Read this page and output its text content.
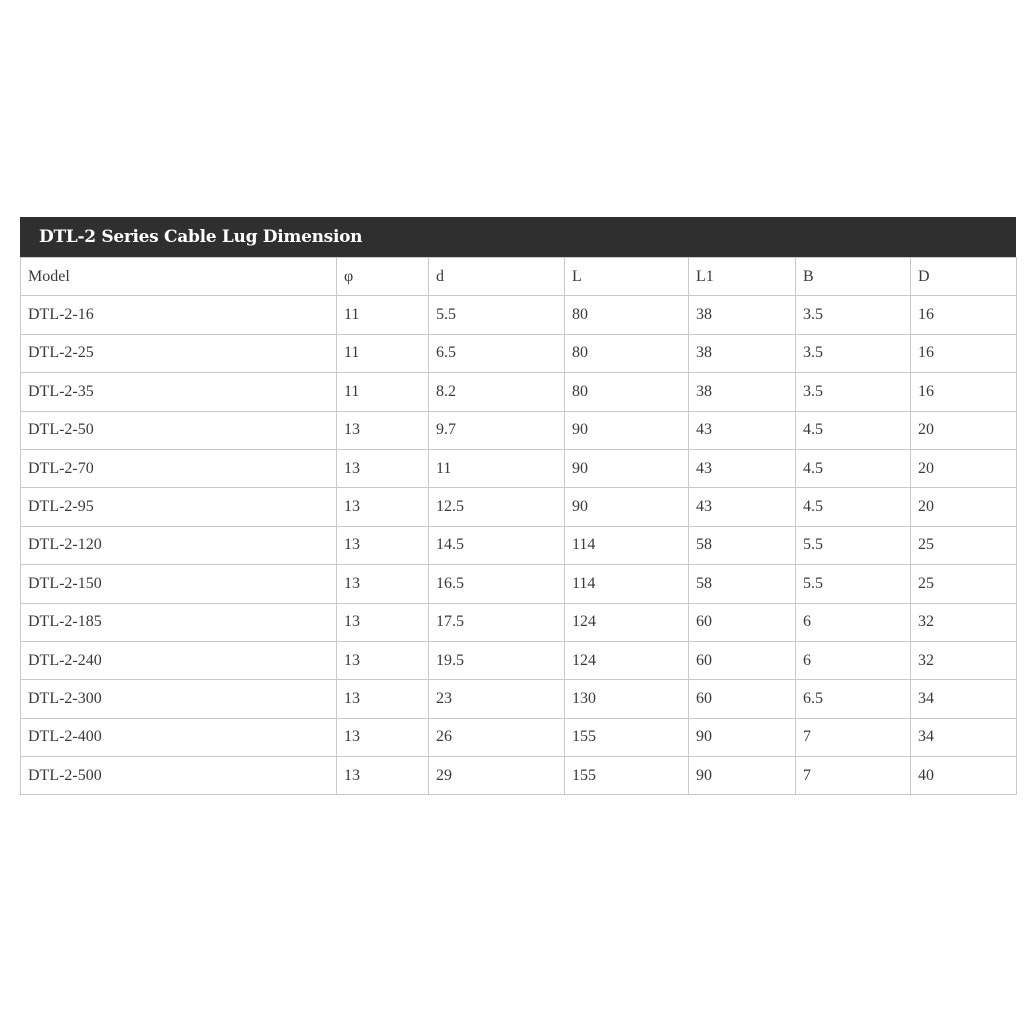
DTL-2 Series Cable Lug Dimension
Model	φ	d	L	L1	B	D
DTL-2-16	11	5.5	80	38	3.5	16
DTL-2-25	11	6.5	80	38	3.5	16
DTL-2-35	11	8.2	80	38	3.5	16
DTL-2-50	13	9.7	90	43	4.5	20
DTL-2-70	13	11	90	43	4.5	20
DTL-2-95	13	12.5	90	43	4.5	20
DTL-2-120	13	14.5	114	58	5.5	25
DTL-2-150	13	16.5	114	58	5.5	25
DTL-2-185	13	17.5	124	60	6	32
DTL-2-240	13	19.5	124	60	6	32
DTL-2-300	13	23	130	60	6.5	34
DTL-2-400	13	26	155	90	7	34
DTL-2-500	13	29	155	90	7	40
